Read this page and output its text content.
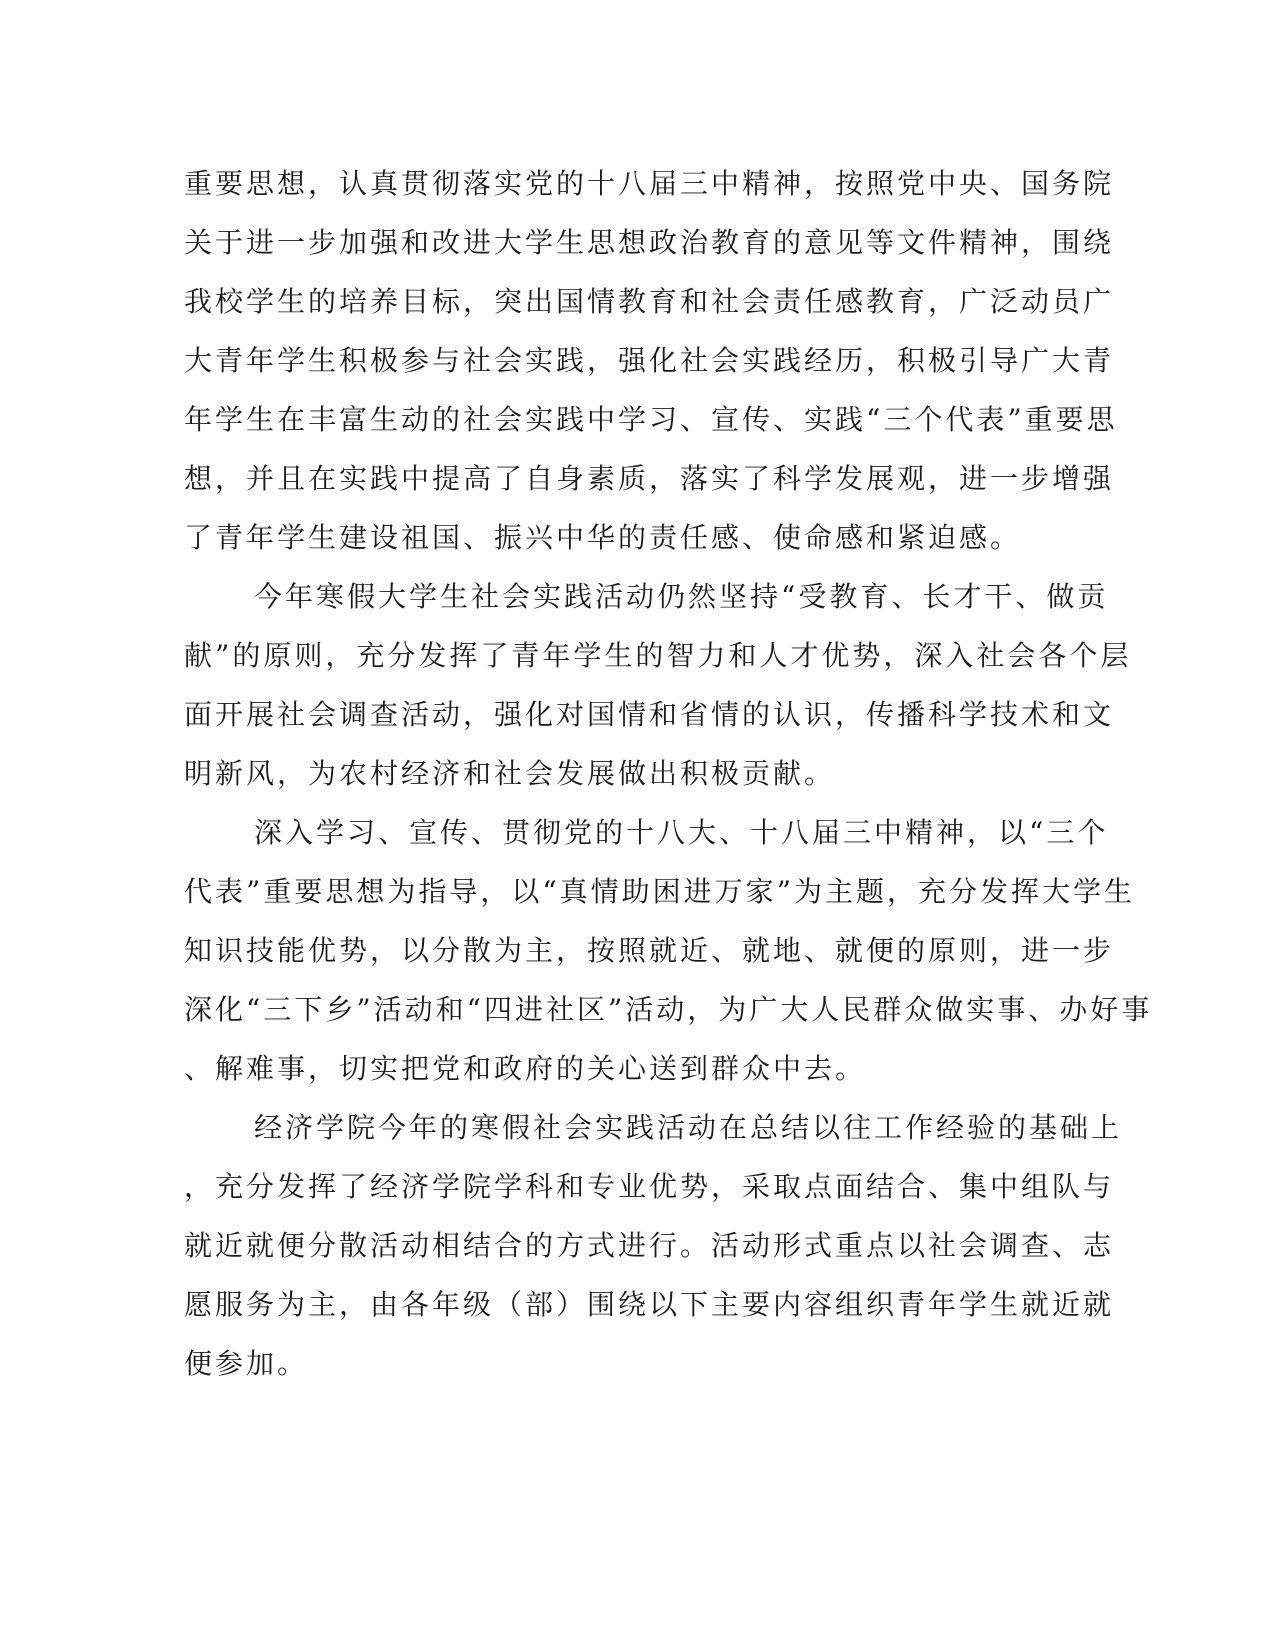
重要思想，认真贯彻落实党的十八届三中精神，按照党中央、国务院
关于进一步加强和改进大学生思想政治教育的意见等文件精神，围绕
我校学生的培养目标，突出国情教育和社会责任感教育，广泛动员广
大青年学生积极参与社会实践，强化社会实践经历，积极引导广大青
年学生在丰富生动的社会实践中学习、宣传、实践“三个代表”重要思
想，并且在实践中提高了自身素质，落实了科学发展观，进一步增强
了青年学生建设祖国、振兴中华的责任感、使命感和紧迫感。
今年寒假大学生社会实践活动仍然坚持“受教育、长才干、做贡
献”的原则，充分发挥了青年学生的智力和人才优势，深入社会各个层
面开展社会调查活动，强化对国情和省情的认识，传播科学技术和文
明新风，为农村经济和社会发展做出积极贡献。
深入学习、宣传、贯彻党的十八大、十八届三中精神，以“三个
代表”重要思想为指导，以“真情助困进万家”为主题，充分发挥大学生
知识技能优势，以分散为主，按照就近、就地、就便的原则，进一步
深化“三下乡”活动和“四进社区”活动，为广大人民群众做实事、办好事
、解难事，切实把党和政府的关心送到群众中去。
经济学院今年的寒假社会实践活动在总结以往工作经验的基础上
，充分发挥了经济学院学科和专业优势，采取点面结合、集中组队与
就近就便分散活动相结合的方式进行。活动形式重点以社会调查、志
愿服务为主，由各年级（部）围绕以下主要内容组织青年学生就近就
便参加。
